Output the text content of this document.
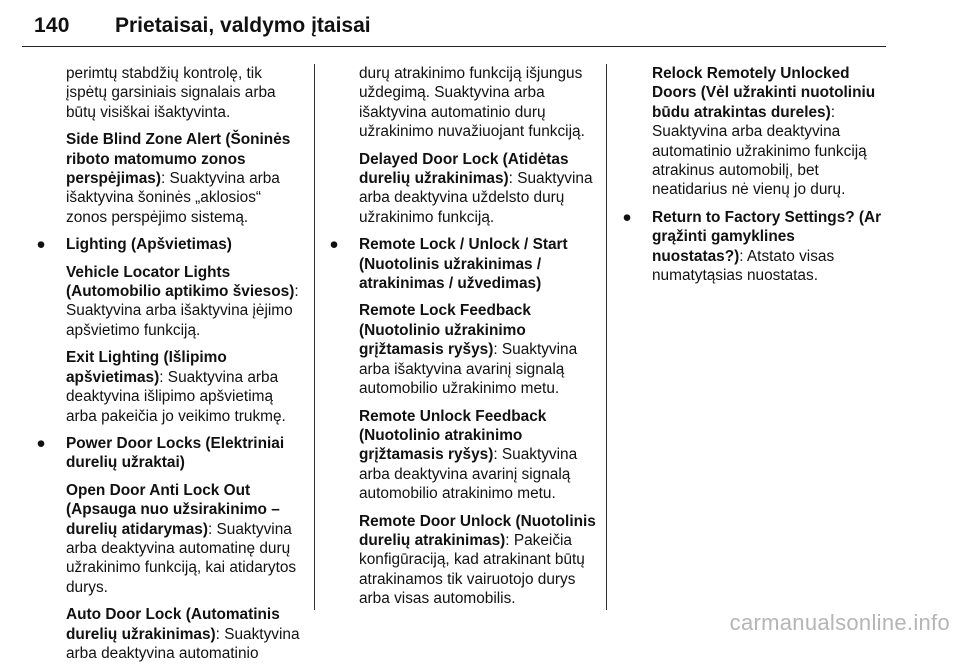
140 Prietaisai, valdymo įtaisai

perimtų stabdžių kontrolę, tik įspėtų garsiniais signalais arba būtų visiškai išaktyvinta.

Side Blind Zone Alert (Šoninės riboto matomumo zonos perspėjimas): Suaktyvina arba išaktyvina šoninės „aklosios“ zonos perspėjimo sistemą.

● Lighting (Apšvietimas)

Vehicle Locator Lights (Automobilio aptikimo šviesos): Suaktyvina arba išaktyvina įėjimo apšvietimo funkciją.

Exit Lighting (Išlipimo apšvietimas): Suaktyvina arba deaktyvina išlipimo apšvietimą arba pakeičia jo veikimo trukmę.

● Power Door Locks (Elektriniai durelių užraktai)

Open Door Anti Lock Out (Apsauga nuo užsirakinimo – durelių atidarymas): Suaktyvina arba deaktyvina automatinę durų užrakinimo funkciją, kai atidarytos durys.

Auto Door Lock (Automatinis durelių užrakinimas): Suaktyvina arba deaktyvina automatinio

durų atrakinimo funkciją išjungus uždegimą. Suaktyvina arba išaktyvina automatinio durų užrakinimo nuvažiuojant funkciją.

Delayed Door Lock (Atidėtas durelių užrakinimas): Suaktyvina arba deaktyvina uždelsto durų užrakinimo funkciją.

● Remote Lock / Unlock / Start (Nuotolinis užrakinimas / atrakinimas / užvedimas)

Remote Lock Feedback (Nuotolinio užrakinimo grįžtamasis ryšys): Suaktyvina arba išaktyvina avarinį signalą automobilio užrakinimo metu.

Remote Unlock Feedback (Nuotolinio atrakinimo grįžtamasis ryšys): Suaktyvina arba deaktyvina avarinį signalą automobilio atrakinimo metu.

Remote Door Unlock (Nuotolinis durelių atrakinimas): Pakeičia konfigūraciją, kad atrakinant būtų atrakinamos tik vairuotojo durys arba visas automobilis.

Relock Remotely Unlocked Doors (Vėl užrakinti nuotoliniu būdu atrakintas dureles): Suaktyvina arba deaktyvina automatinio užrakinimo funkciją atrakinus automobilį, bet neatidarius nė vienų jo durų.

● Return to Factory Settings? (Ar grąžinti gamyklines nuostatas?): Atstato visas numatytąsias nuostatas.

carmanualsonline.info
